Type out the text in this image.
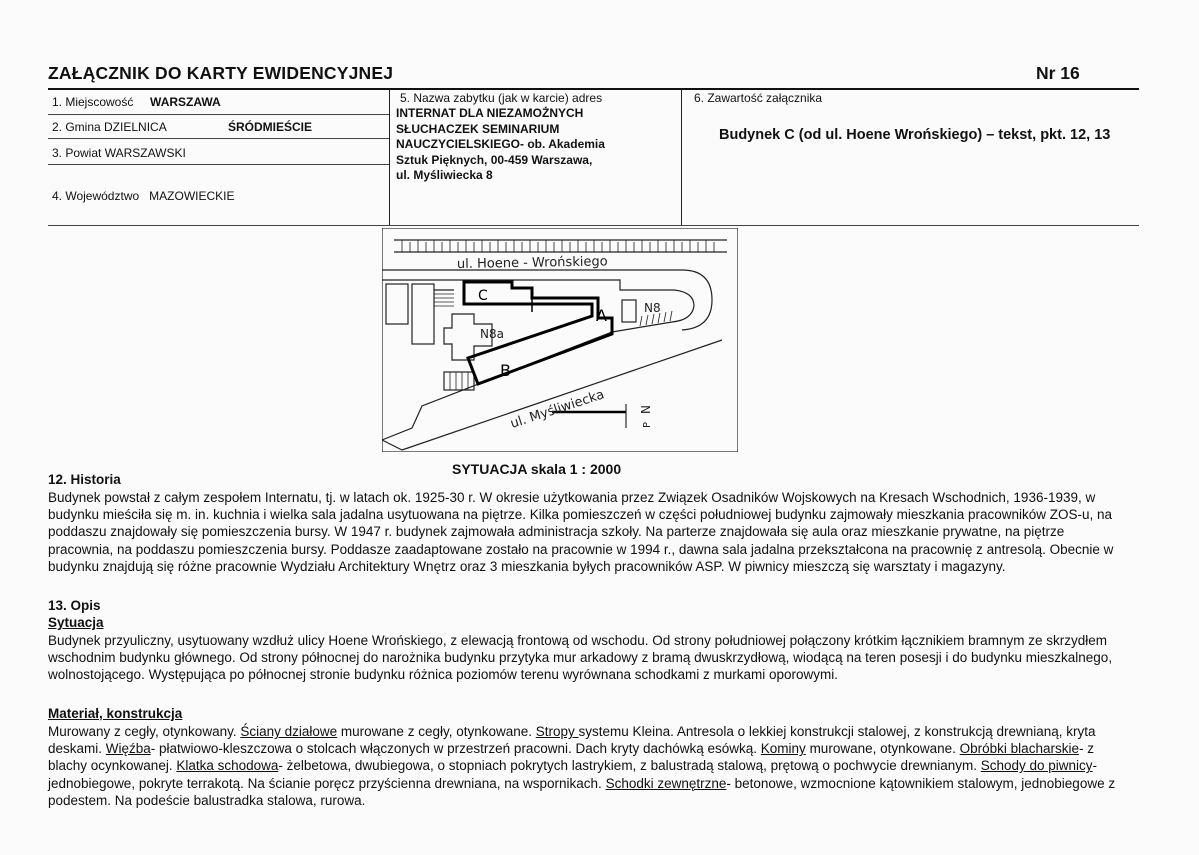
ZAŁĄCZNIK DO KARTY EWIDENCYJNEJ	Nr 16
1. Miejscowość WARSZAWA
2. Gmina DZIELNICA	ŚRÓDMIEŚCIE
3. Powiat WARSZAWSKI
4. Województwo MAZOWIECKIE
5. Nazwa zabytku (jak w karcie) adres
INTERNAT DLA NIEZAMOŻNYCH
SŁUCHACZEK SEMINARIUM
NAUCZYCIELSKIEGO- ob. Akademia
Sztuk Pięknych, 00-459 Warszawa,
ul. Myśliwiecka 8
6. Zawartość załącznika
Budynek C (od ul. Hoene Wrońskiego) – tekst, pkt. 12, 13
ul. Hoene - Wrońskiego
ul. Myśliwiecka
C
A
B
N8
N8a
N
P
SYTUACJA skala 1 : 2000
12. Historia
Budynek powstał z całym zespołem Internatu, tj. w latach ok. 1925-30 r. W okresie użytkowania przez Związek Osadników Wojskowych na Kresach Wschodnich, 1936-1939, w budynku mieściła się m. in. kuchnia i wielka sala jadalna usytuowana na piętrze. Kilka pomieszczeń w części południowej budynku zajmowały mieszkania pracowników ZOS-u, na poddaszu znajdowały się pomieszczenia bursy. W 1947 r. budynek zajmowała administracja szkoły. Na parterze znajdowała się aula oraz mieszkanie prywatne, na piętrze pracownia, na poddaszu pomieszczenia bursy. Poddasze zaadaptowane zostało na pracownie w 1994 r., dawna sala jadalna przekształcona na pracownię z antresolą. Obecnie w budynku znajdują się różne pracownie Wydziału Architektury Wnętrz oraz 3 mieszkania byłych pracowników ASP. W piwnicy mieszczą się warsztaty i magazyny.
13. Opis
Sytuacja
Budynek przyuliczny, usytuowany wzdłuż ulicy Hoene Wrońskiego, z elewacją frontową od wschodu. Od strony południowej połączony krótkim łącznikiem bramnym ze skrzydłem wschodnim budynku głównego. Od strony północnej do narożnika budynku przytyka mur arkadowy z bramą dwuskrzydłową, wiodącą na teren posesji i do budynku mieszkalnego, wolnostojącego. Występująca po północnej stronie budynku różnica poziomów terenu wyrównana schodkami z murkami oporowymi.
Materiał, konstrukcja
Murowany z cegły, otynkowany. Ściany działowe murowane z cegły, otynkowane. Stropy systemu Kleina. Antresola o lekkiej konstrukcji stalowej, z konstrukcją drewnianą, kryta deskami. Więźba- płatwiowo-kleszczowa o stolcach włączonych w przestrzeń pracowni. Dach kryty dachówką esówką. Kominy murowane, otynkowane. Obróbki blacharskie- z blachy ocynkowanej. Klatka schodowa- żelbetowa, dwubiegowa, o stopniach pokrytych lastrykiem, z balustradą stalową, prętową o pochwycie drewnianym. Schody do piwnicy- jednobiegowe, pokryte terrakotą. Na ścianie poręcz przyścienna drewniana, na wspornikach. Schodki zewnętrzne- betonowe, wzmocnione kątownikiem stalowym, jednobiegowe z podestem. Na podeście balustradka stalowa, rurowa.
